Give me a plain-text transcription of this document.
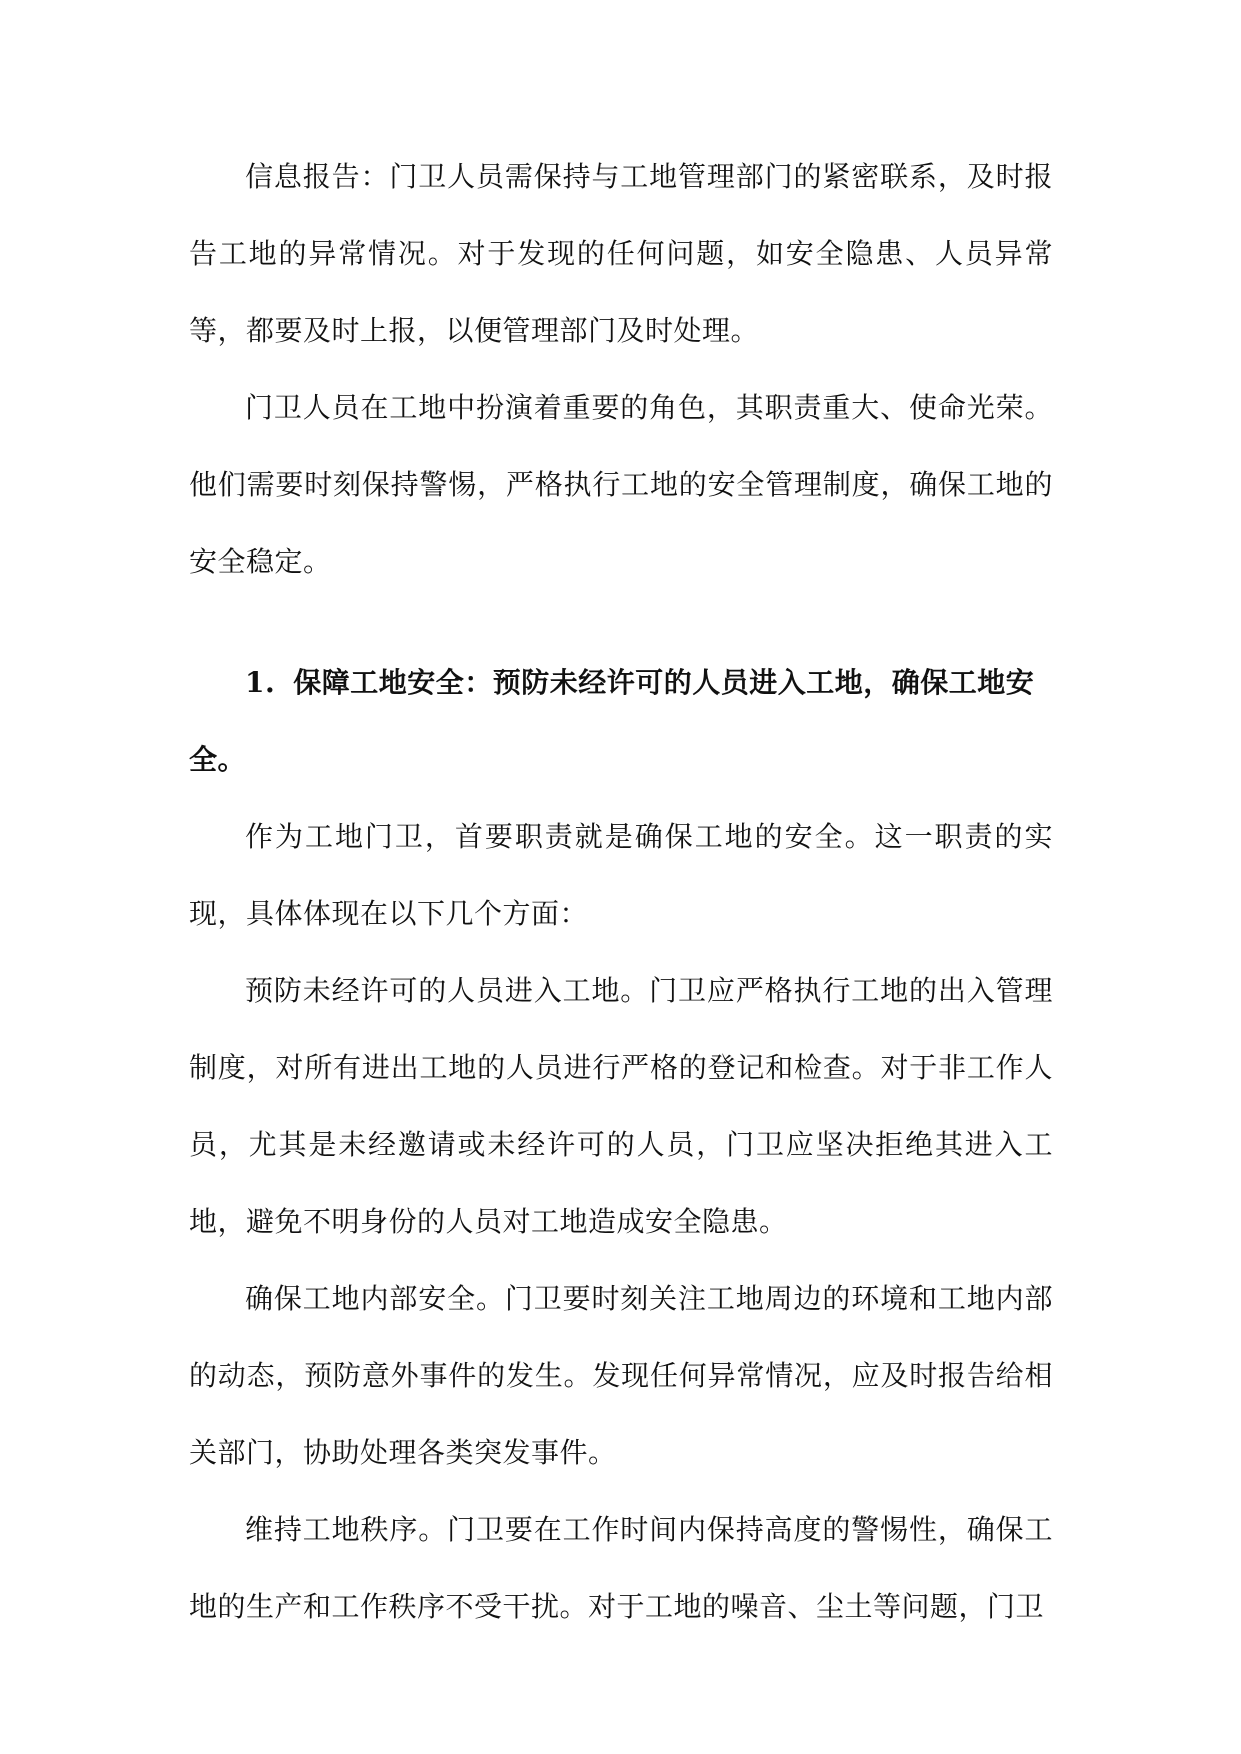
信息报告：门卫人员需保持与工地管理部门的紧密联系，及时报告工地的异常情况。对于发现的任何问题，如安全隐患、人员异常等，都要及时上报，以便管理部门及时处理。

门卫人员在工地中扮演着重要的角色，其职责重大、使命光荣。他们需要时刻保持警惕，严格执行工地的安全管理制度，确保工地的安全稳定。

1. 保障工地安全：预防未经许可的人员进入工地，确保工地安全。

作为工地门卫，首要职责就是确保工地的安全。这一职责的实现，具体体现在以下几个方面：

预防未经许可的人员进入工地。门卫应严格执行工地的出入管理制度，对所有进出工地的人员进行严格的登记和检查。对于非工作人员，尤其是未经邀请或未经许可的人员，门卫应坚决拒绝其进入工地，避免不明身份的人员对工地造成安全隐患。

确保工地内部安全。门卫要时刻关注工地周边的环境和工地内部的动态，预防意外事件的发生。发现任何异常情况，应及时报告给相关部门，协助处理各类突发事件。

维持工地秩序。门卫要在工作时间内保持高度的警惕性，确保工地的生产和工作秩序不受干扰。对于工地的噪音、尘土等问题，门卫
